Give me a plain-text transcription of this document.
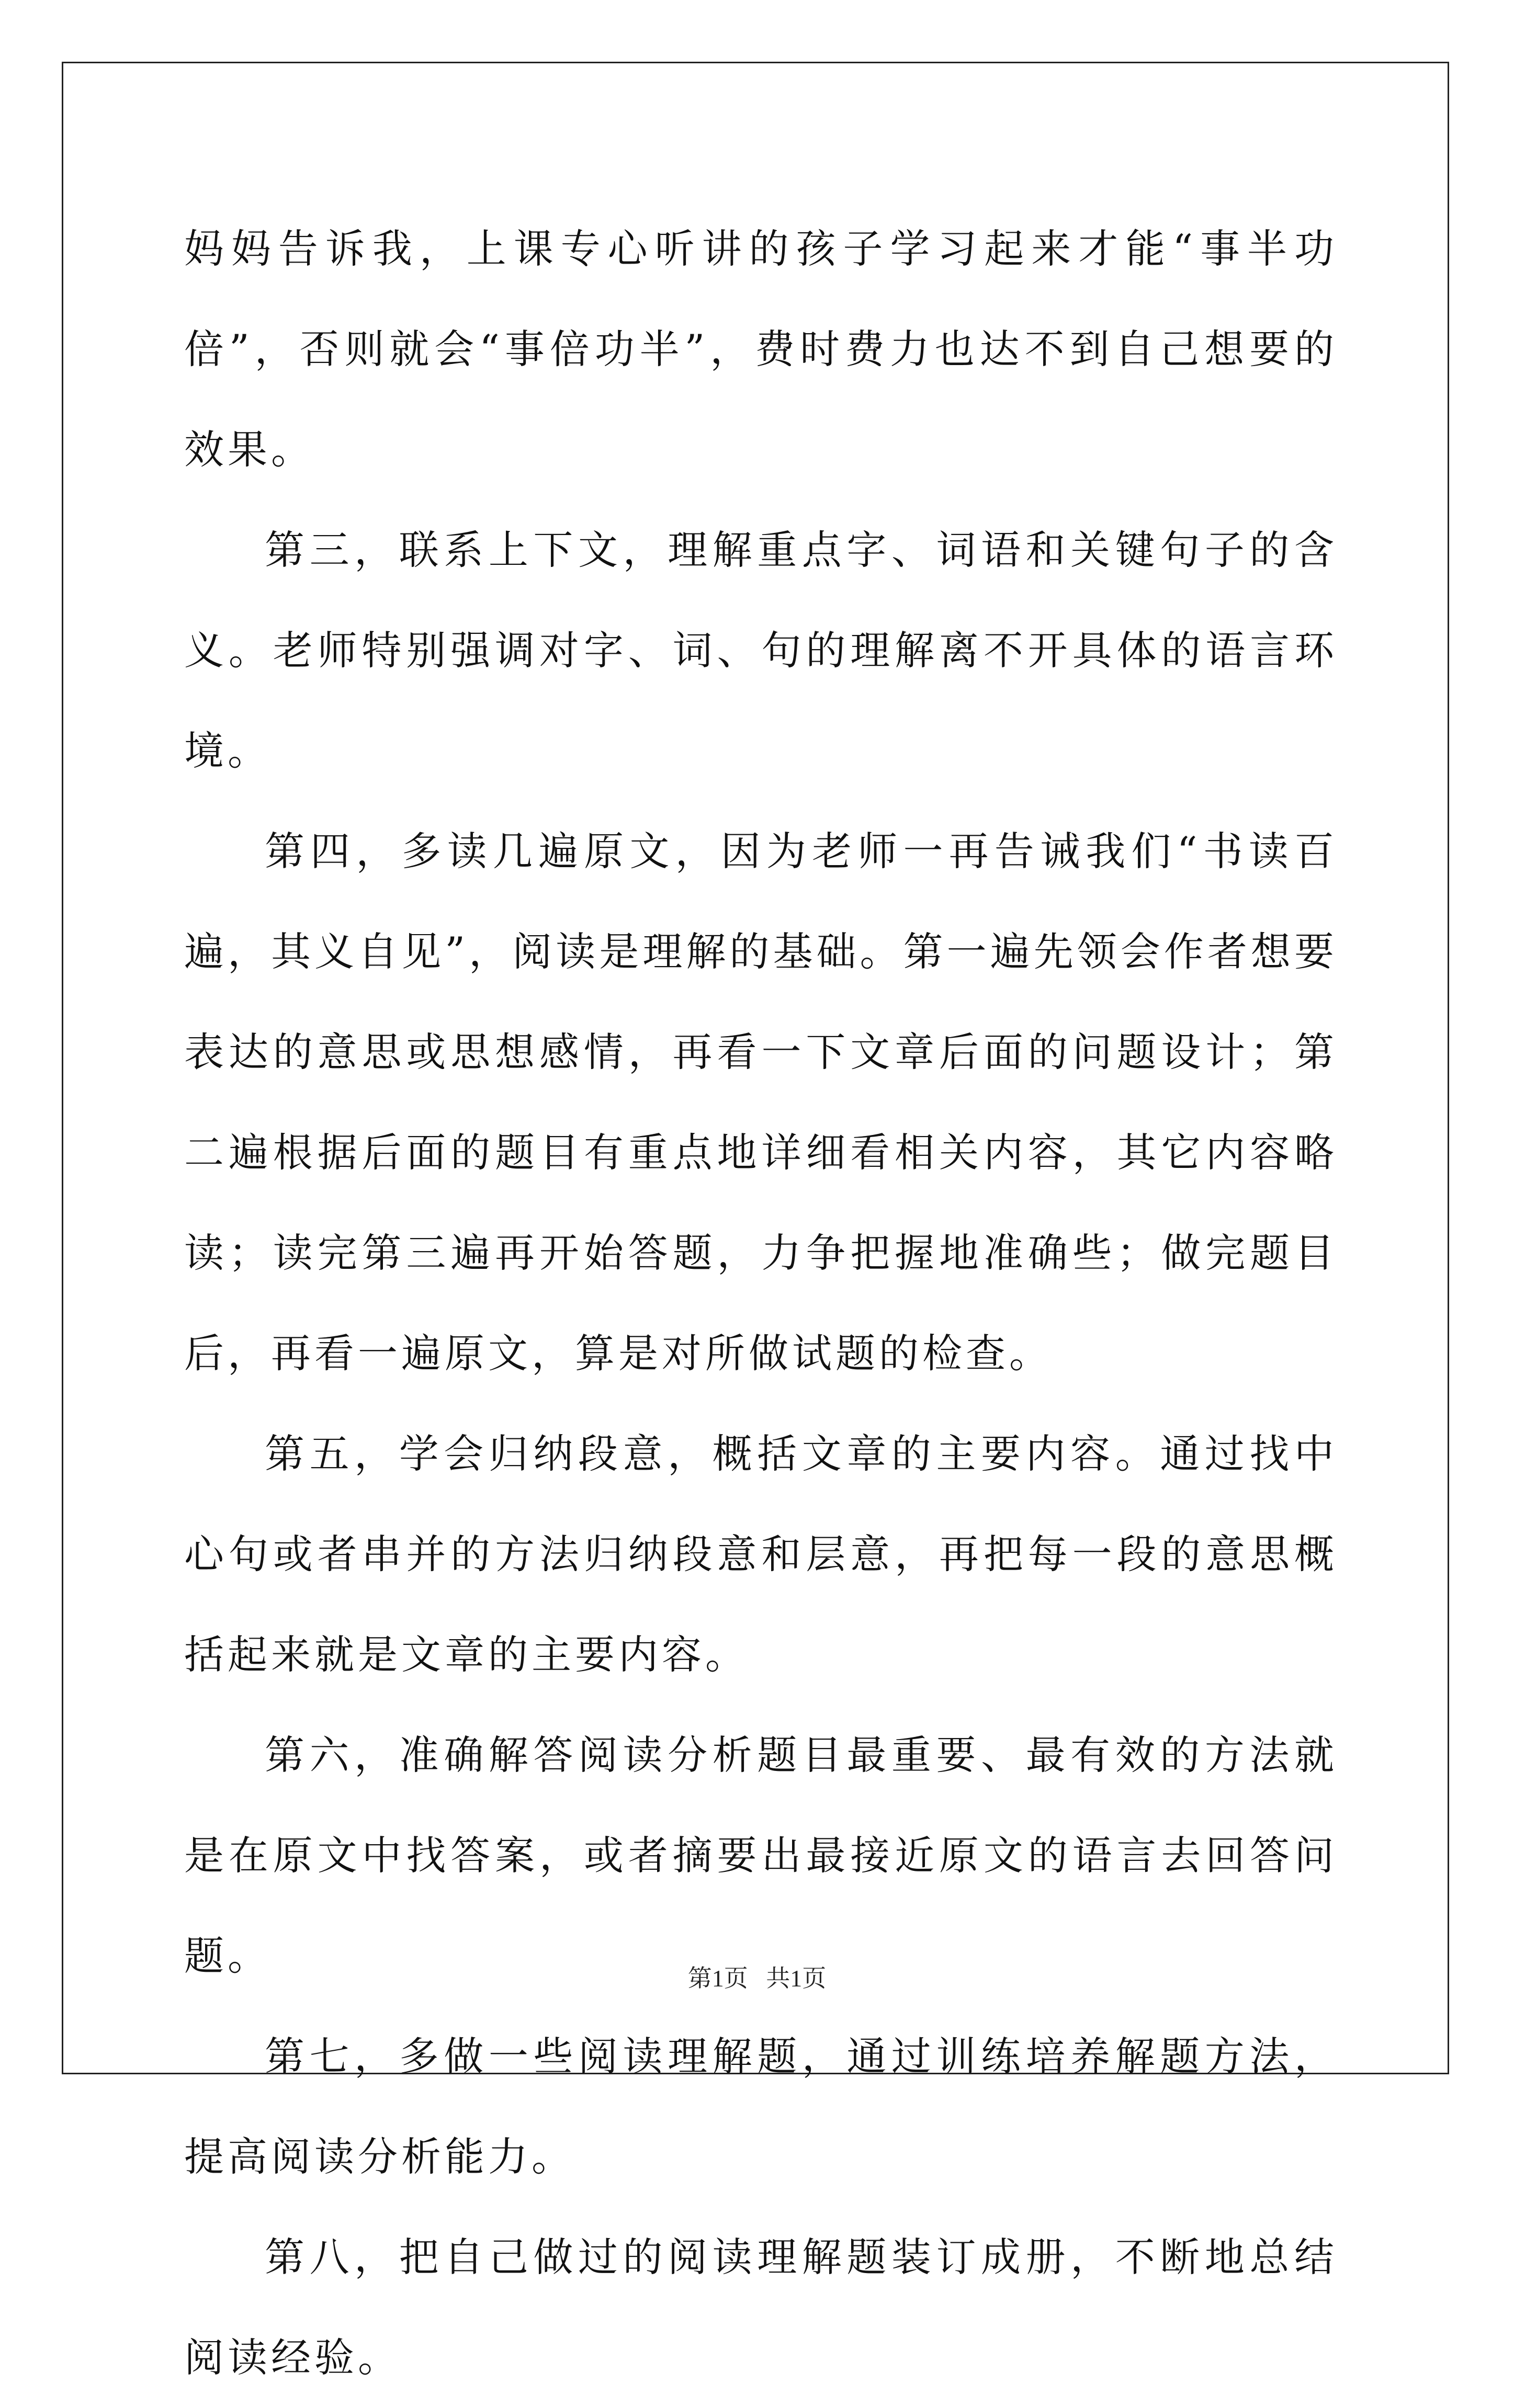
妈妈告诉我，上课专心听讲的孩子学习起来才能“事半功倍”，否则就会“事倍功半”，费时费力也达不到自己想要的效果。

第三，联系上下文，理解重点字、词语和关键句子的含义。老师特别强调对字、词、句的理解离不开具体的语言环境。

第四，多读几遍原文，因为老师一再告诫我们“书读百遍，其义自见”，阅读是理解的基础。第一遍先领会作者想要表达的意思或思想感情，再看一下文章后面的问题设计；第二遍根据后面的题目有重点地详细看相关内容，其它内容略读；读完第三遍再开始答题，力争把握地准确些；做完题目后，再看一遍原文，算是对所做试题的检查。

第五，学会归纳段意，概括文章的主要内容。通过找中心句或者串并的方法归纳段意和层意，再把每一段的意思概括起来就是文章的主要内容。

第六，准确解答阅读分析题目最重要、最有效的方法就是在原文中找答案，或者摘要出最接近原文的语言去回答问题。

第七，多做一些阅读理解题，通过训练培养解题方法，提高阅读分析能力。

第八，把自己做过的阅读理解题装订成册，不断地总结阅读经验。

第1页   共1页
